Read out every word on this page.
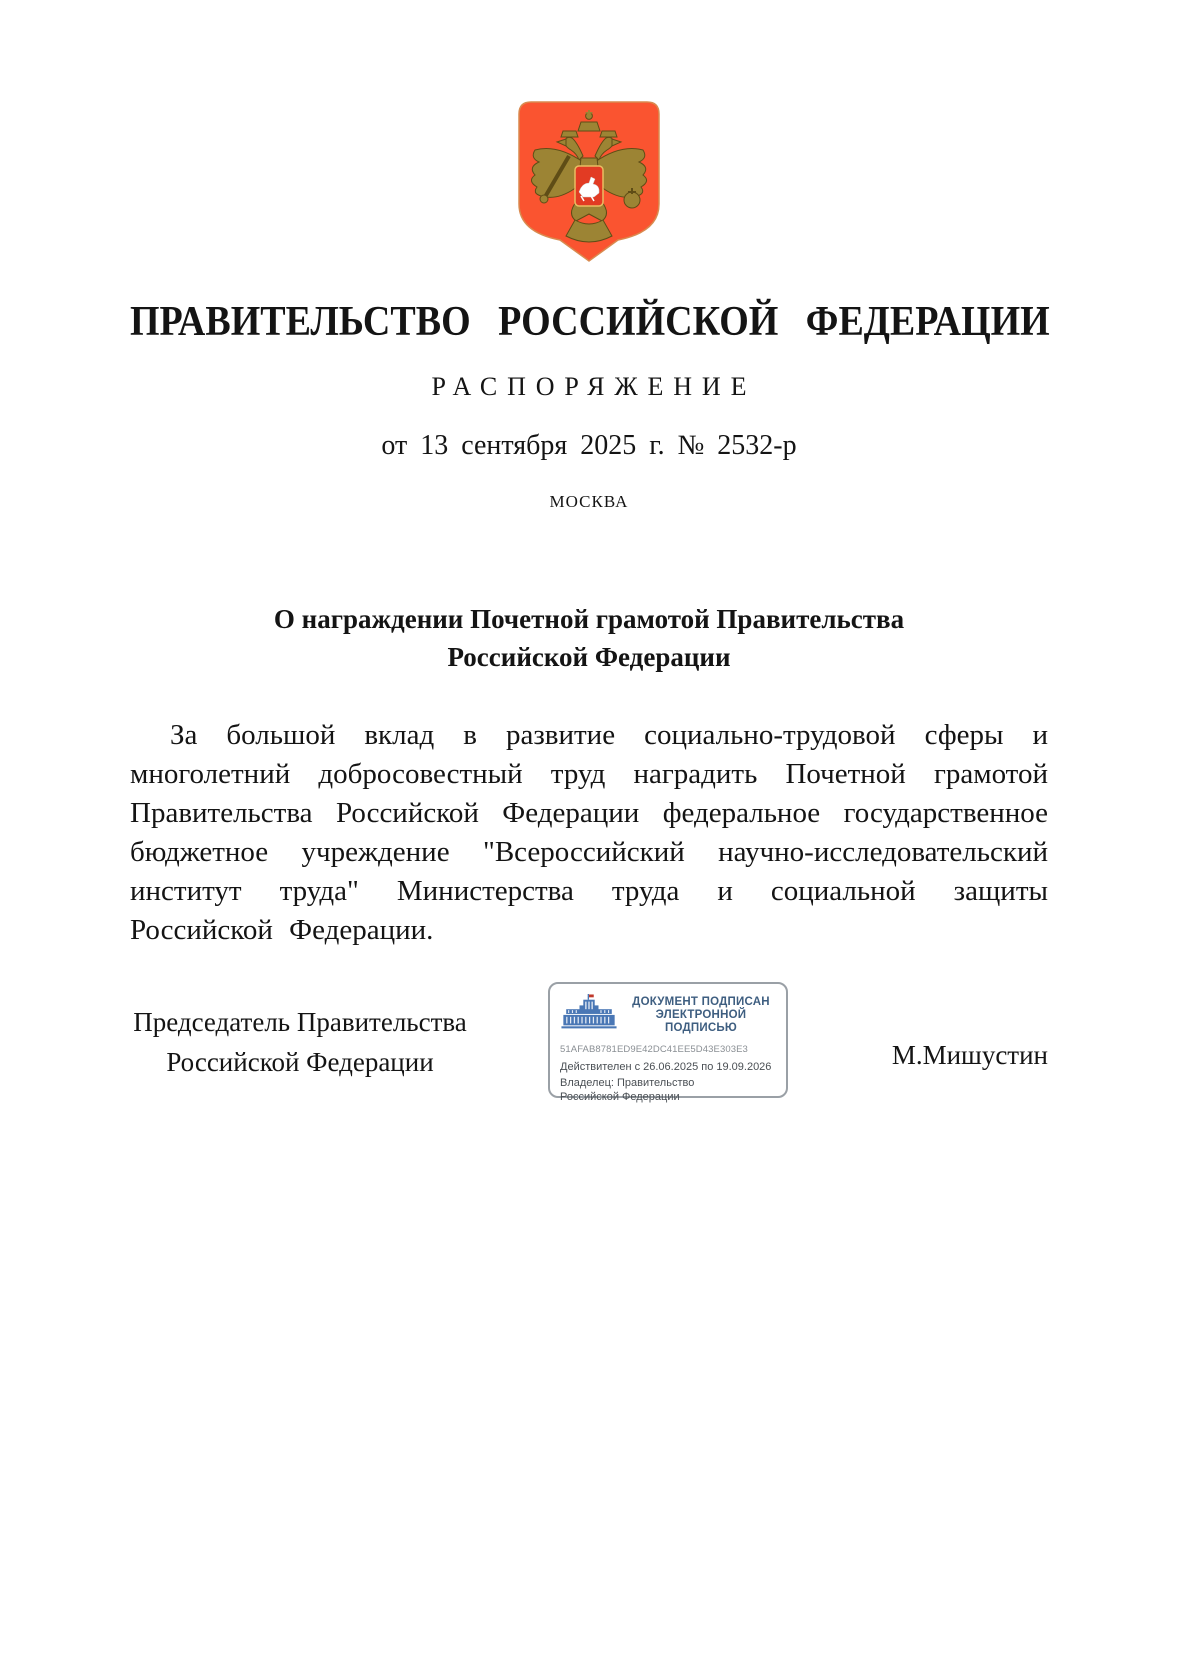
ПРАВИТЕЛЬСТВО РОССИЙСКОЙ ФЕДЕРАЦИИ
РАСПОРЯЖЕНИЕ
от 13 сентября 2025 г. № 2532-р
МОСКВА
О награждении Почетной грамотой Правительства
Российской Федерации
За большой вклад в развитие социально-трудовой сферы и многолетний добросовестный труд наградить Почетной грамотой Правительства Российской Федерации федеральное государственное бюджетное учреждение "Всероссийский научно-исследовательский институт труда" Министерства труда и социальной защиты Российской Федерации.
Председатель Правительства
Российской Федерации
ДОКУМЕНТ ПОДПИСАН
ЭЛЕКТРОННОЙ ПОДПИСЬЮ
51AFAB8781ED9E42DC41EE5D43E303E3
Действителен с 26.06.2025 по 19.09.2026
Владелец: Правительство Российской Федерации
М.Мишустин
